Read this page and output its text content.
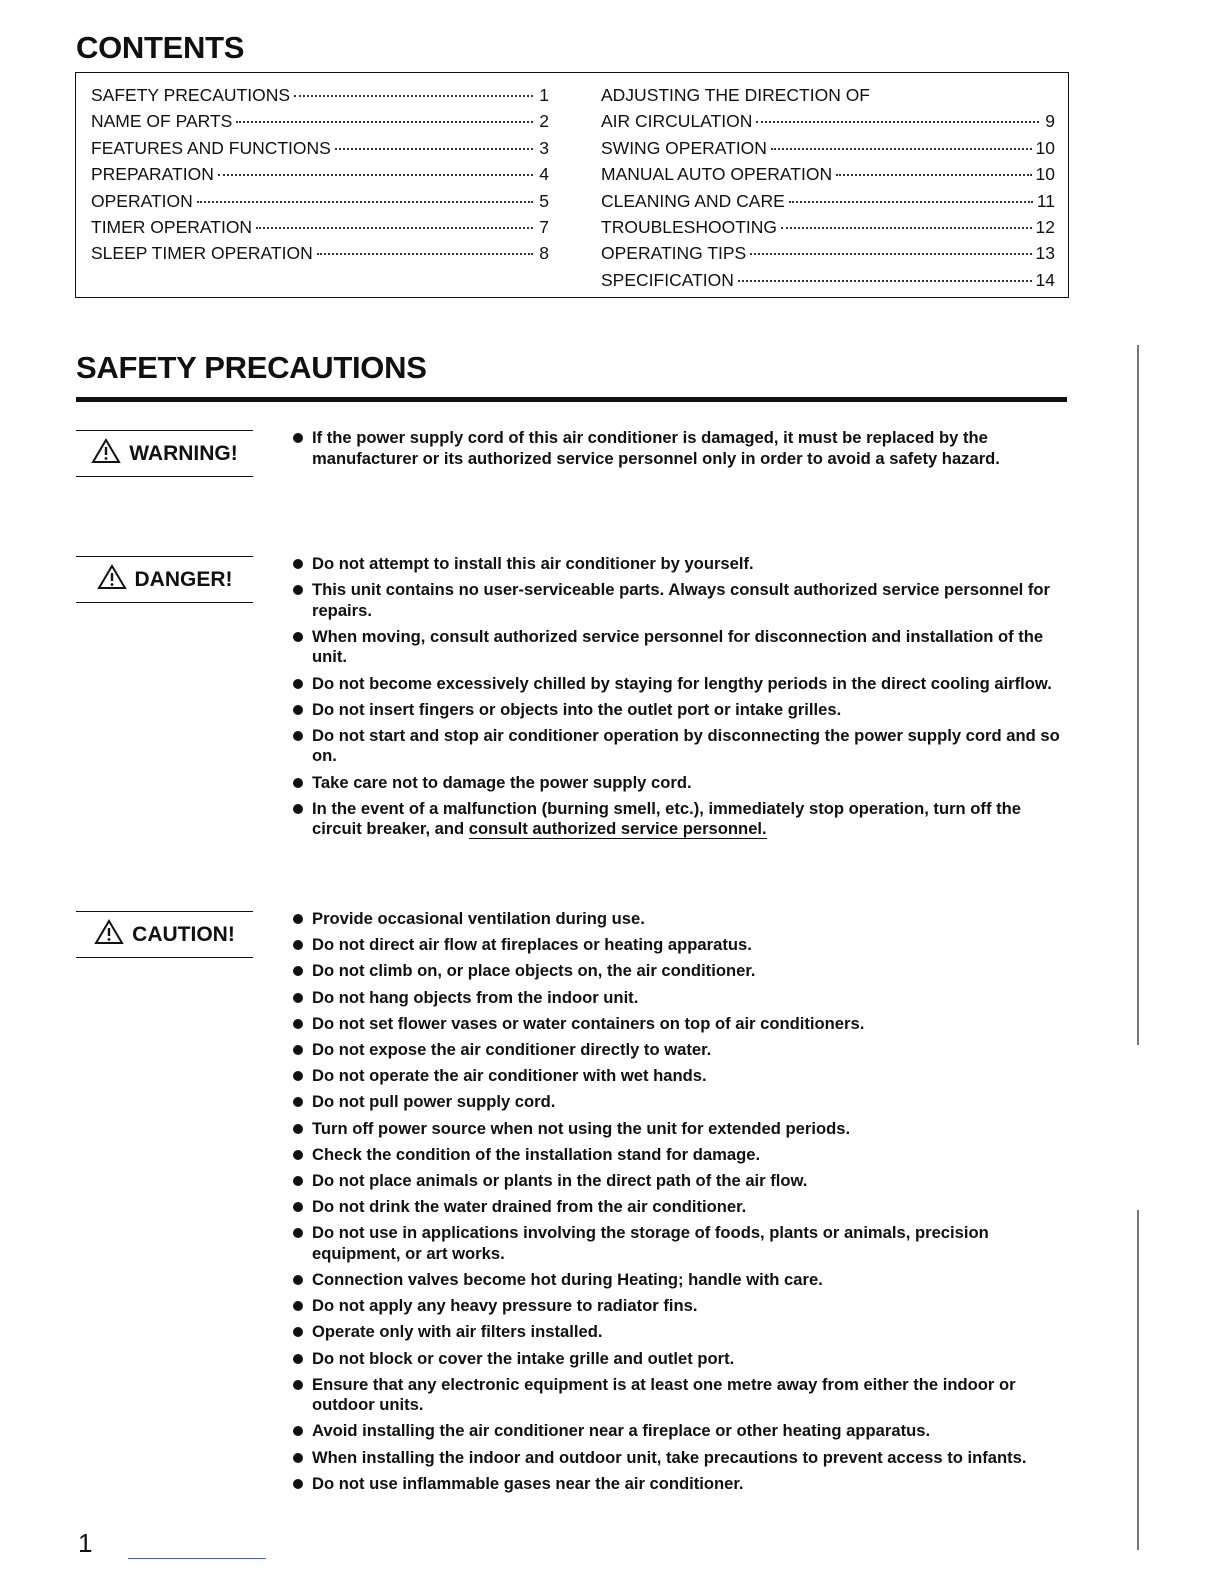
CONTENTS
SAFETY PRECAUTIONS	1
NAME OF PARTS	2
FEATURES AND FUNCTIONS	3
PREPARATION	4
OPERATION	5
TIMER OPERATION	7
SLEEP TIMER OPERATION	8
ADJUSTING THE DIRECTION OF
AIR CIRCULATION	9
SWING OPERATION	10
MANUAL AUTO OPERATION	10
CLEANING AND CARE	11
TROUBLESHOOTING	12
OPERATING TIPS	13
SPECIFICATION	14
SAFETY PRECAUTIONS
WARNING!
If the power supply cord of this air conditioner is damaged, it must be replaced by the manufacturer or its authorized service personnel only in order to avoid a safety hazard.
DANGER!
Do not attempt to install this air conditioner by yourself.
This unit contains no user-serviceable parts. Always consult authorized service personnel for repairs.
When moving, consult authorized service personnel for disconnection and installation of the unit.
Do not become excessively chilled by staying for lengthy periods in the direct cooling airflow.
Do not insert fingers or objects into the outlet port or intake grilles.
Do not start and stop air conditioner operation by disconnecting the power supply cord and so on.
Take care not to damage the power supply cord.
In the event of a malfunction (burning smell, etc.), immediately stop operation, turn off the circuit breaker, and consult authorized service personnel.
CAUTION!
Provide occasional ventilation during use.
Do not direct air flow at fireplaces or heating apparatus.
Do not climb on, or place objects on, the air conditioner.
Do not hang objects from the indoor unit.
Do not set flower vases or water containers on top of air conditioners.
Do not expose the air conditioner directly to water.
Do not operate the air conditioner with wet hands.
Do not pull power supply cord.
Turn off power source when not using the unit for extended periods.
Check the condition of the installation stand for damage.
Do not place animals or plants in the direct path of the air flow.
Do not drink the water drained from the air conditioner.
Do not use in applications involving the storage of foods, plants or animals, precision equipment, or art works.
Connection valves become hot during Heating; handle with care.
Do not apply any heavy pressure to radiator fins.
Operate only with air filters installed.
Do not block or cover the intake grille and outlet port.
Ensure that any electronic equipment is at least one metre away from either the indoor or outdoor units.
Avoid installing the air conditioner near a fireplace or other heating apparatus.
When installing the indoor and outdoor unit, take precautions to prevent access to infants.
Do not use inflammable gases near the air conditioner.
1
